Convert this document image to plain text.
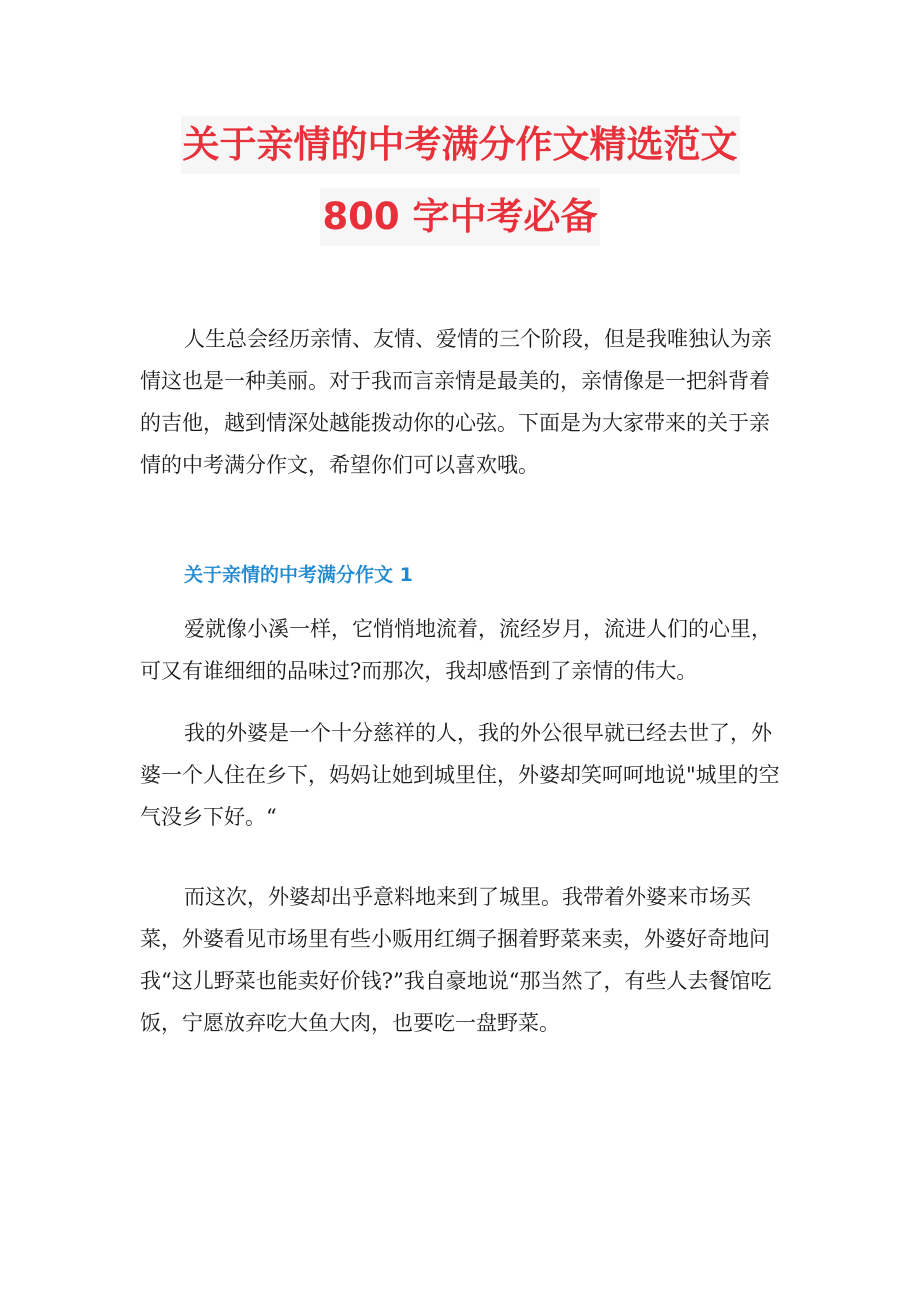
关于亲情的中考满分作文精选范文
800 字中考必备

人生总会经历亲情、友情、爱情的三个阶段，但是我唯独认为亲情这也是一种美丽。对于我而言亲情是最美的，亲情像是一把斜背着的吉他，越到情深处越能拨动你的心弦。下面是为大家带来的关于亲情的中考满分作文，希望你们可以喜欢哦。

关于亲情的中考满分作文 1

爱就像小溪一样，它悄悄地流着，流经岁月，流进人们的心里，可又有谁细细的品味过?而那次，我却感悟到了亲情的伟大。

我的外婆是一个十分慈祥的人，我的外公很早就已经去世了，外婆一个人住在乡下，妈妈让她到城里住，外婆却笑呵呵地说"城里的空气没乡下好。“

而这次，外婆却出乎意料地来到了城里。我带着外婆来市场买菜，外婆看见市场里有些小贩用红绸子捆着野菜来卖，外婆好奇地问我“这儿野菜也能卖好价钱?”我自豪地说“那当然了，有些人去餐馆吃饭，宁愿放弃吃大鱼大肉，也要吃一盘野菜。
